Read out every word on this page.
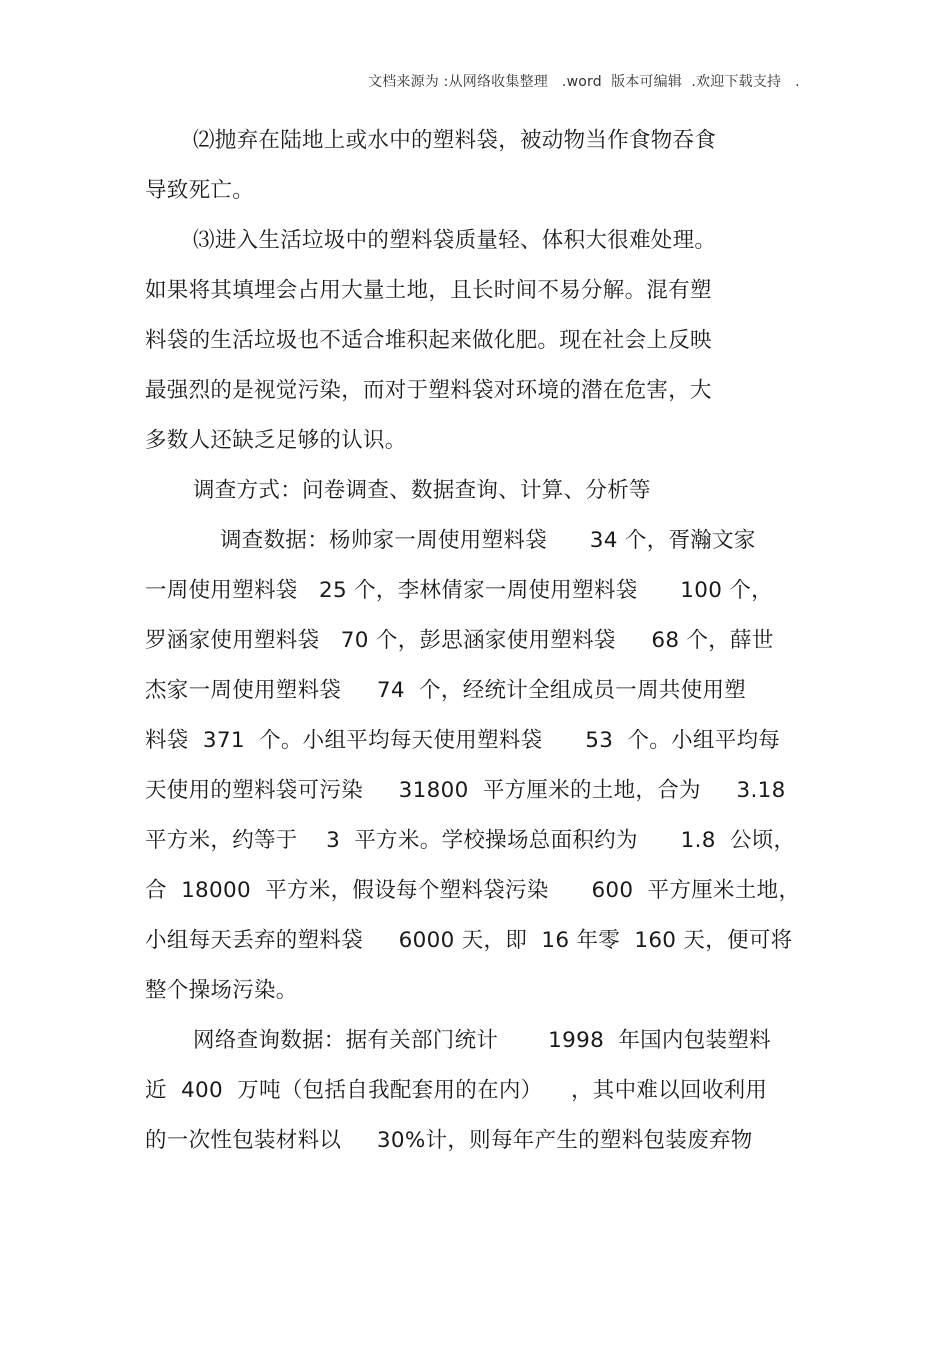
文档来源为 :从网络收集整理   .word  版本可编辑  .欢迎下载支持   .
⑵抛弃在陆地上或水中的塑料袋，被动物当作食物吞食
导致死亡。
⑶进入生活垃圾中的塑料袋质量轻、体积大很难处理。
如果将其填埋会占用大量土地，且长时间不易分解。混有塑
料袋的生活垃圾也不适合堆积起来做化肥。现在社会上反映
最强烈的是视觉污染，而对于塑料袋对环境的潜在危害，大
多数人还缺乏足够的认识。
调查方式：问卷调查、数据查询、计算、分析等
调查数据：杨帅家一周使用塑料袋      34 个，胥瀚文家
一周使用塑料袋   25 个，李林倩家一周使用塑料袋      100 个，
罗涵家使用塑料袋   70 个，彭思涵家使用塑料袋     68 个，薛世
杰家一周使用塑料袋     74  个，经统计全组成员一周共使用塑
料袋  371  个。小组平均每天使用塑料袋      53  个。小组平均每
天使用的塑料袋可污染     31800  平方厘米的土地，合为     3.18
平方米，约等于    3  平方米。学校操场总面积约为      1.8  公顷，
合  18000  平方米，假设每个塑料袋污染      600  平方厘米土地，
小组每天丢弃的塑料袋     6000 天，即  16 年零  160 天，便可将
整个操场污染。
网络查询数据：据有关部门统计       1998  年国内包装塑料
近  400  万吨（包括自我配套用的在内）    ，其中难以回收利用
的一次性包装材料以     30%计，则每年产生的塑料包装废弃物
